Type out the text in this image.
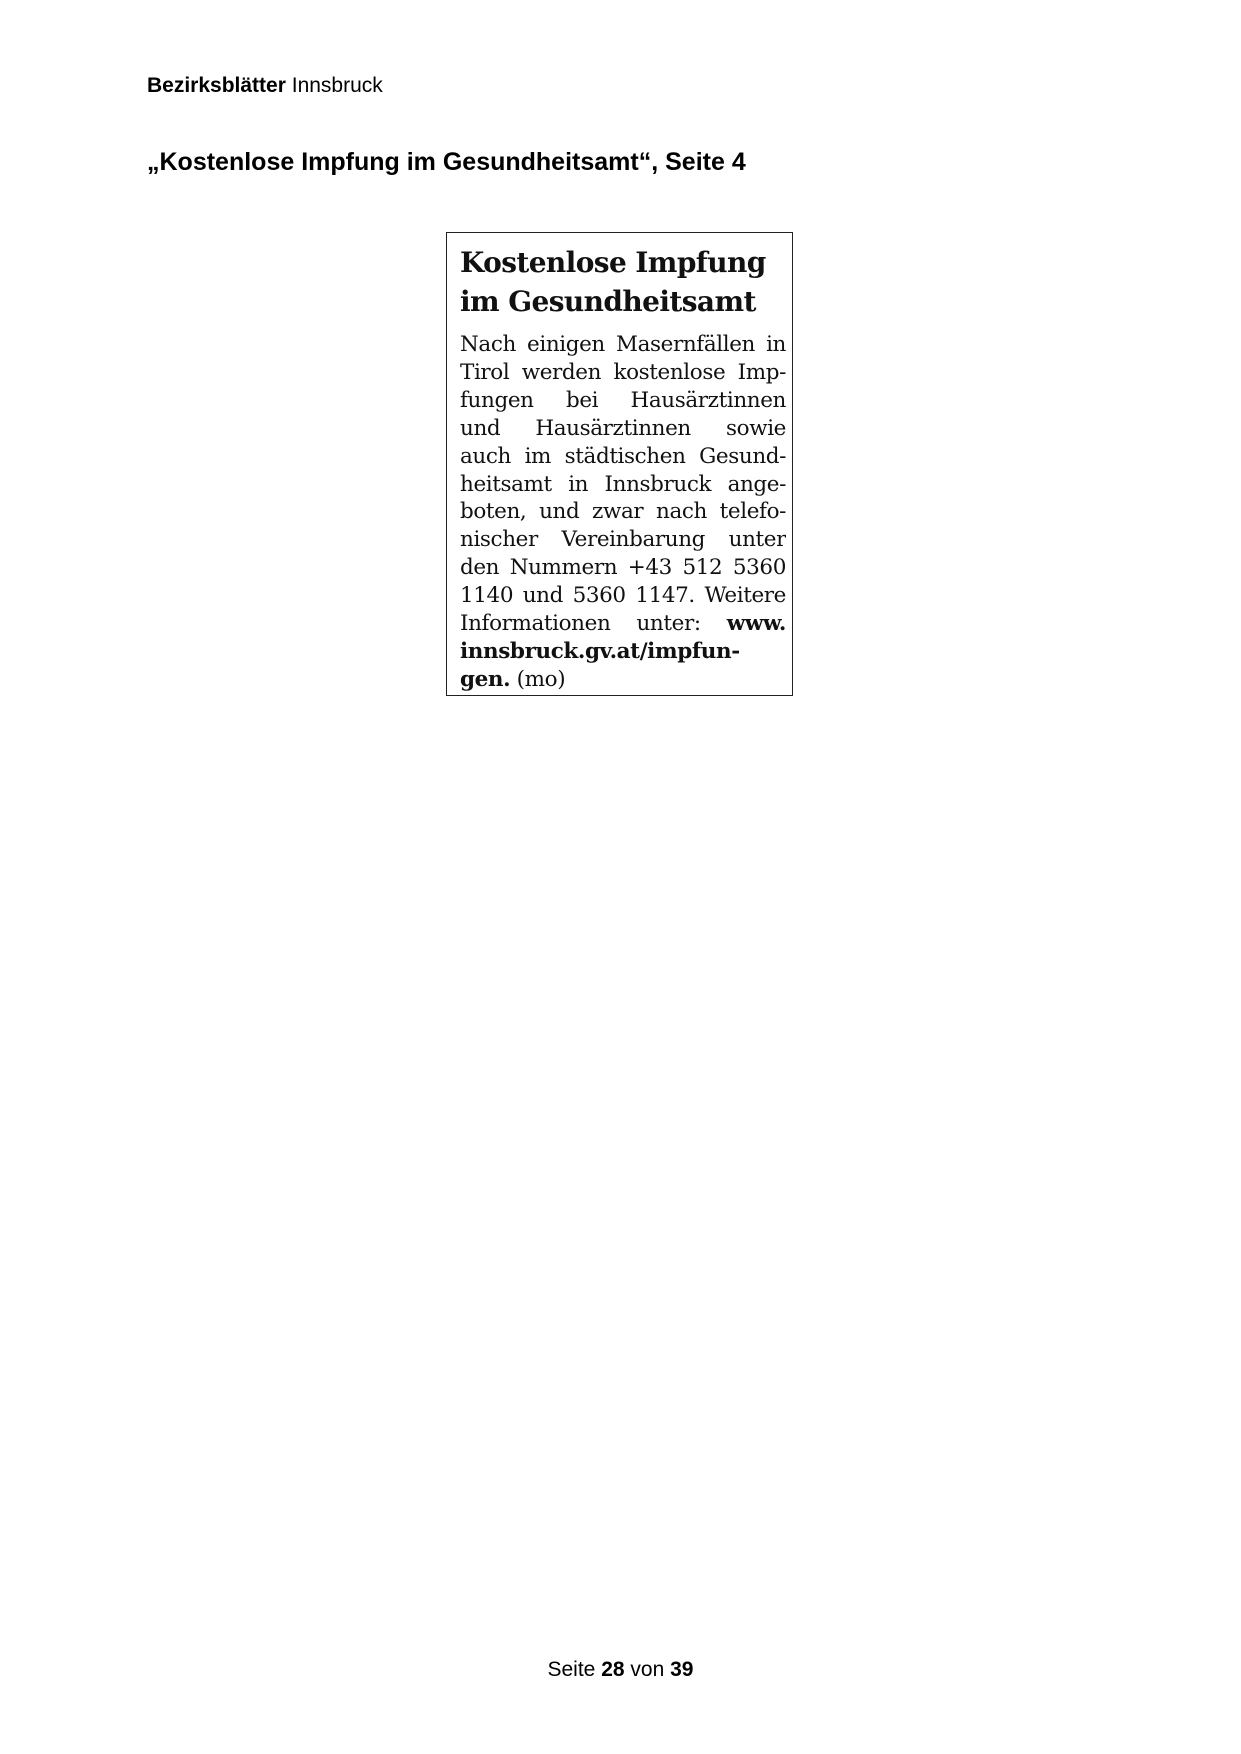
Bezirksblätter Innsbruck
„Kostenlose Impfung im Gesundheitsamt“, Seite 4
Kostenlose Impfung
im Gesundheitsamt
Nach einigen Masernfällen in
Tirol werden kostenlose Imp-
fungen bei Hausärztinnen
und Hausärztinnen sowie
auch im städtischen Gesund-
heitsamt in Innsbruck ange-
boten, und zwar nach telefo-
nischer Vereinbarung unter
den Nummern +43 512 5360
1140 und 5360 1147. Weitere
Informationen unter: www.
innsbruck.gv.at/impfun-
gen. (mo)
Seite 28 von 39
